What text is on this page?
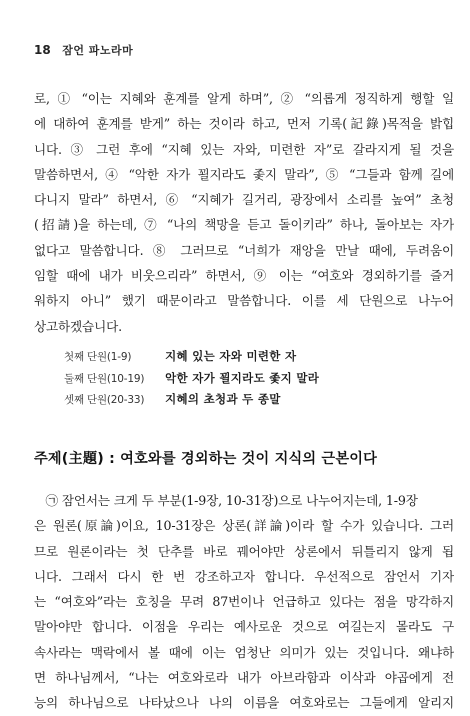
18 잠언 파노라마
로, ① “이는 지혜와 훈계를 알게 하며”, ② “의롭게 정직하게 행할 일
에 대하여 훈계를 받게” 하는 것이라 하고, 먼저 기록(記錄)목적을 밝힙
니다. ③ 그런 후에 “지혜 있는 자와, 미련한 자”로 갈라지게 될 것을
말씀하면서, ④ “악한 자가 꾈지라도 좇지 말라”, ⑤ “그들과 함께 길에
다니지 말라” 하면서, ⑥ “지혜가 길거리, 광장에서 소리를 높여” 초청
(招請)을 하는데, ⑦ “나의 책망을 듣고 돌이키라” 하나, 돌아보는 자가
없다고 말씀합니다. ⑧ 그러므로 “너희가 재앙을 만날 때에, 두려움이
임할 때에 내가 비웃으리라” 하면서, ⑨ 이는 “여호와 경외하기를 즐거
워하지 아니” 했기 때문이라고 말씀합니다. 이를 세 단원으로 나누어
상고하겠습니다.
첫째 단원(1-9)	지혜 있는 자와 미련한 자
둘째 단원(10-19) 악한 자가 꾈지라도 좇지 말라
셋째 단원(20-33) 지혜의 초청과 두 종말
주제(主題) : 여호와를 경외하는 것이 지식의 근본이다
㉠ 잠언서는 크게 두 부분(1-9장, 10-31장)으로 나누어지는데, 1-9장
은 원론(原論)이요, 10-31장은 상론(詳論)이라 할 수가 있습니다. 그러
므로 원론이라는 첫 단추를 바로 꿰어야만 상론에서 뒤틀리지 않게 됩
니다. 그래서 다시 한 번 강조하고자 합니다. 우선적으로 잠언서 기자
는 “여호와”라는 호칭을 무려 87번이나 언급하고 있다는 점을 망각하지
말아야만 합니다. 이점을 우리는 예사로운 것으로 여길는지 몰라도 구
속사라는 맥락에서 볼 때에 이는 엄청난 의미가 있는 것입니다. 왜냐하
면 하나님께서, “나는 여호와로라 내가 아브라함과 이삭과 야곱에게 전
능의 하나님으로 나타났으나 나의 이름을 여호와로는 그들에게 알리지
